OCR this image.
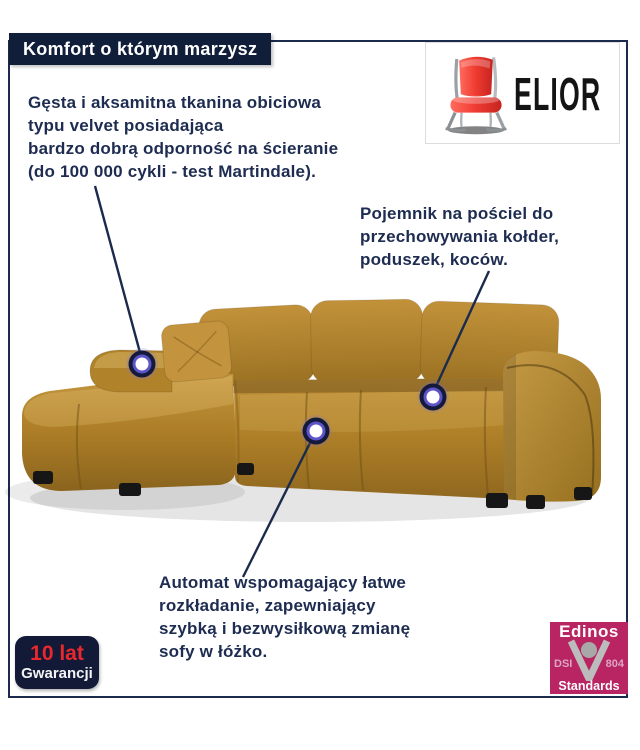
Komfort o którym marzysz
ELIOR
Gęsta i aksamitna tkanina obiciowa
typu velvet posiadająca
bardzo dobrą odporność na ścieranie
(do 100 000 cykli - test Martindale).
Pojemnik na pościel do
przechowywania kołder,
poduszek, koców.
Automat wspomagający łatwe
rozkładanie, zapewniający
szybką i bezwysiłkową zmianę
sofy w łóżko.
10 lat
Gwarancji
Edinos
DSI	804
Standards
